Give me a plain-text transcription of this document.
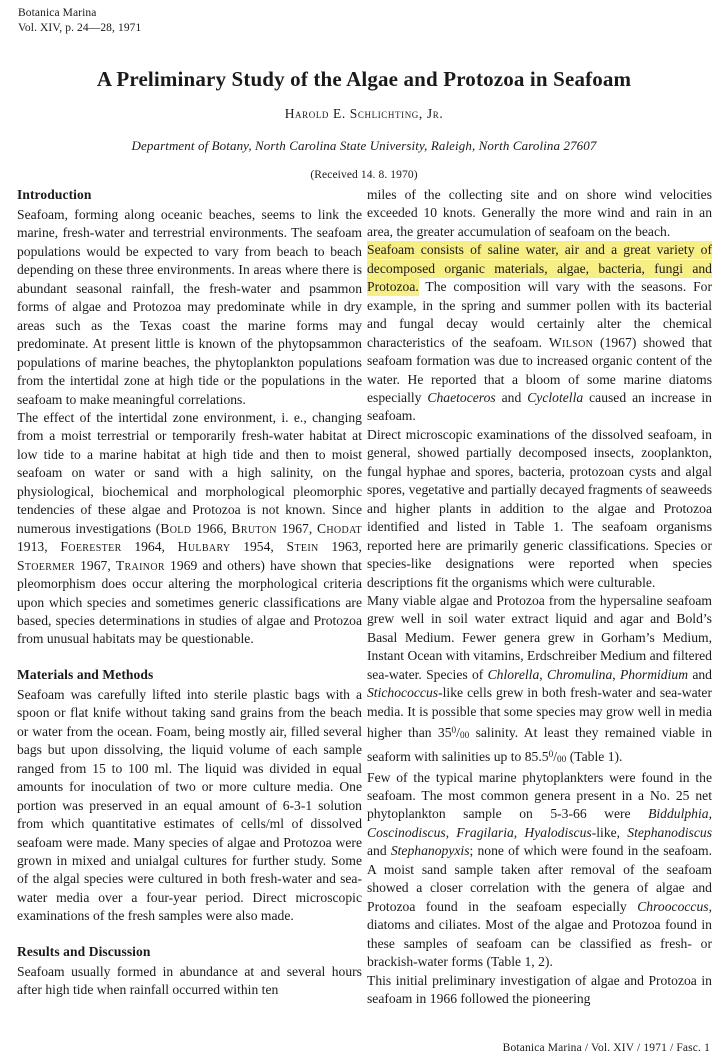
Botanica Marina
Vol. XIV, p. 24—28, 1971
A Preliminary Study of the Algae and Protozoa in Seafoam
Harold E. Schlichting, Jr.
Department of Botany, North Carolina State University, Raleigh, North Carolina 27607
(Received 14. 8. 1970)
Introduction

Seafoam, forming along oceanic beaches, seems to link the marine, fresh-water and terrestrial environments. The seafoam populations would be expected to vary from beach to beach depending on these three environments. In areas where there is abundant seasonal rainfall, the fresh-water and psammon forms of algae and Protozoa may predominate while in dry areas such as the Texas coast the marine forms may predominate. At present little is known of the phytopsammon populations of marine beaches, the phytoplankton populations from the intertidal zone at high tide or the populations in the seafoam to make meaningful correlations.

The effect of the intertidal zone environment, i. e., changing from a moist terrestrial or temporarily fresh-water habitat at low tide to a marine habitat at high tide and then to moist seafoam on water or sand with a high salinity, on the physiological, biochemical and morphological pleomorphic tendencies of these algae and Protozoa is not known. Since numerous investigations (Bold 1966, Bruton 1967, Chodat 1913, Foerester 1964, Hulbary 1954, Stein 1963, Stoermer 1967, Trainor 1969 and others) have shown that pleomorphism does occur altering the morphological criteria upon which species and sometimes generic classifications are based, species determinations in studies of algae and Protozoa from unusual habitats may be questionable.

Materials and Methods

Seafoam was carefully lifted into sterile plastic bags with a spoon or flat knife without taking sand grains from the beach or water from the ocean. Foam, being mostly air, filled several bags but upon dissolving, the liquid volume of each sample ranged from 15 to 100 ml. The liquid was divided in equal amounts for inoculation of two or more culture media. One portion was preserved in an equal amount of 6-3-1 solution from which quantitative estimates of cells/ml of dissolved seafoam were made. Many species of algae and Protozoa were grown in mixed and unialgal cultures for further study. Some of the algal species were cultured in both fresh-water and sea-water media over a four-year period. Direct microscopic examinations of the fresh samples were also made.

Results and Discussion

Seafoam usually formed in abundance at and several hours after high tide when rainfall occurred within ten

miles of the collecting site and on shore wind velocities exceeded 10 knots. Generally the more wind and rain in an area, the greater accumulation of seafoam on the beach.

Seafoam consists of saline water, air and a great variety of decomposed organic materials, algae, bacteria, fungi and Protozoa. The composition will vary with the seasons. For example, in the spring and summer pollen with its bacterial and fungal decay would certainly alter the chemical characteristics of the seafoam. Wilson (1967) showed that seafoam formation was due to increased organic content of the water. He reported that a bloom of some marine diatoms especially Chaetoceros and Cyclotella caused an increase in seafoam.

Direct microscopic examinations of the dissolved seafoam, in general, showed partially decomposed insects, zooplankton, fungal hyphae and spores, bacteria, protozoan cysts and algal spores, vegetative and partially decayed fragments of seaweeds and higher plants in addition to the algae and Protozoa identified and listed in Table 1. The seafoam organisms reported here are primarily generic classifications. Species or species-like designations were reported when species descriptions fit the organisms which were culturable.

Many viable algae and Protozoa from the hypersaline seafoam grew well in soil water extract liquid and agar and Bold’s Basal Medium. Fewer genera grew in Gorham’s Medium, Instant Ocean with vitamins, Erdschreiber Medium and filtered sea-water. Species of Chlorella, Chromulina, Phormidium and Stichococcus-like cells grew in both fresh-water and sea-water media. It is possible that some species may grow well in media higher than $35^0/_{00}$ salinity. At least they remained viable in seaform with salinities up to $85.5^0/_{00}$ (Table 1).

Few of the typical marine phytoplankters were found in the seafoam. The most common genera present in a No. 25 net phytoplankton sample on 5-3-66 were Biddulphia, Coscinodiscus, Fragilaria, Hyalodiscus-like, Stephanodiscus and Stephanopyxis; none of which were found in the seafoam. A moist sand sample taken after removal of the seafoam showed a closer correlation with the genera of algae and Protozoa found in the seafoam especially Chroococcus, diatoms and ciliates. Most of the algae and Protozoa found in these samples of seafoam can be classified as fresh- or brackish-water forms (Table 1, 2).

This initial preliminary investigation of algae and Protozoa in seafoam in 1966 followed the pioneering

Botanica Marina / Vol. XIV / 1971 / Fasc. 1
